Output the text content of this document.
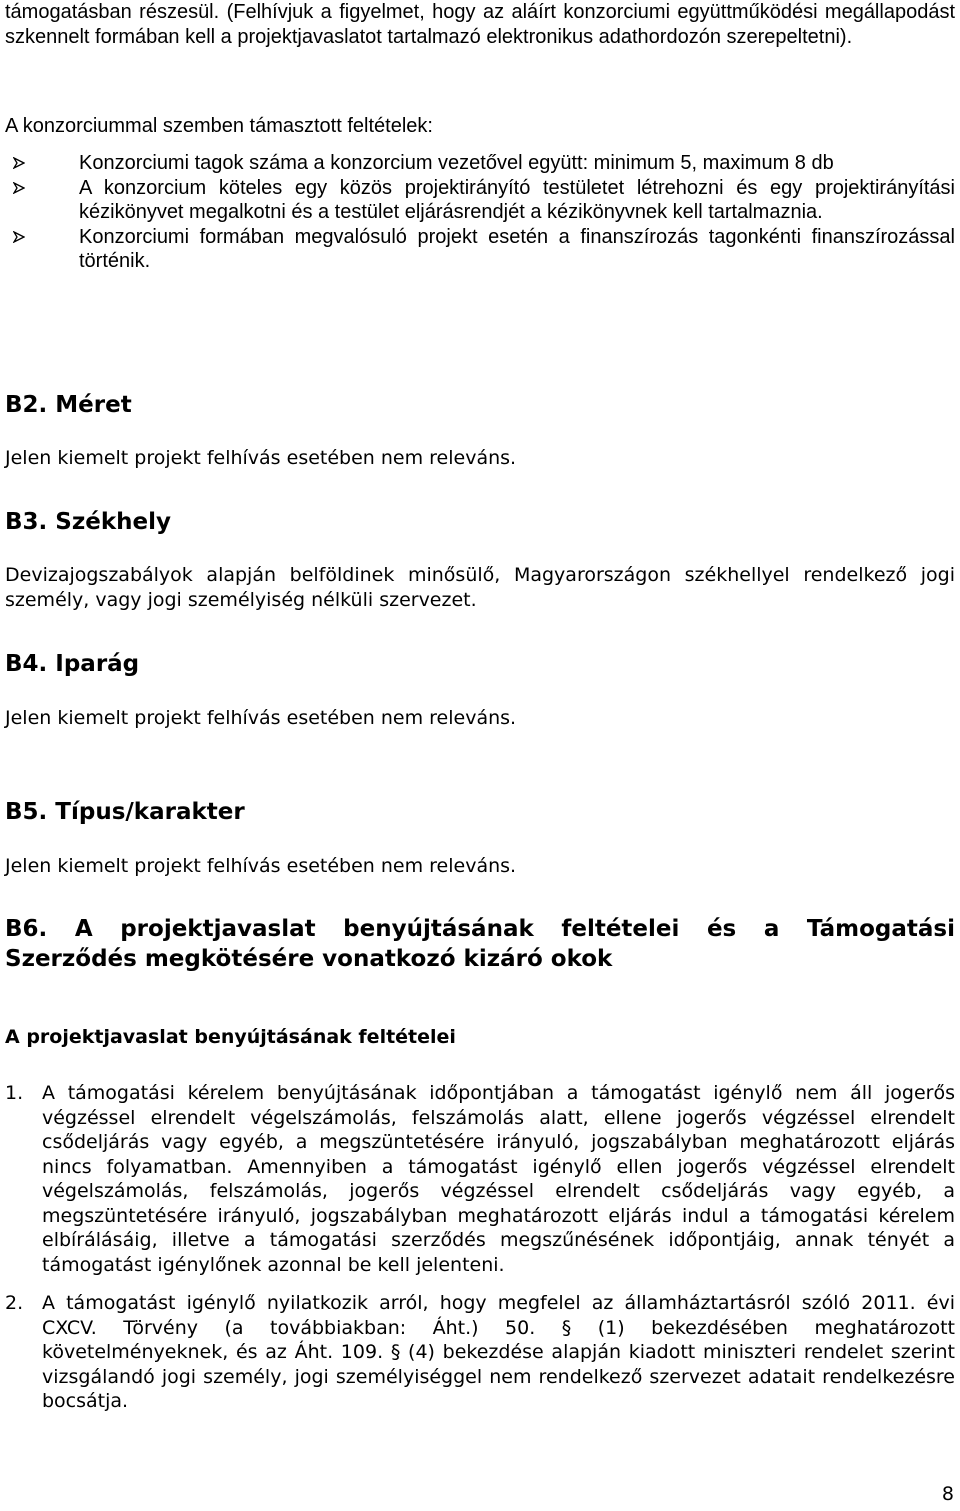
támogatásban részesül. (Felhívjuk a figyelmet, hogy az aláírt konzorciumi együttműködési megállapodást szkennelt formában kell a projektjavaslatot tartalmazó elektronikus adathordozón szerepeltetni).

A konzorciummal szemben támasztott feltételek:

Konzorciumi tagok száma a konzorcium vezetővel együtt: minimum 5, maximum 8 db
A konzorcium köteles egy közös projektirányító testületet létrehozni és egy projektirányítási kézikönyvet megalkotni és a testület eljárásrendjét a kézikönyvnek kell tartalmaznia.
Konzorciumi formában megvalósuló projekt esetén a finanszírozás tagonkénti finanszírozással történik.
B2. Méret

Jelen kiemelt projekt felhívás esetében nem releváns.

B3. Székhely

Devizajogszabályok alapján belföldinek minősülő, Magyarországon székhellyel rendelkező jogi személy, vagy jogi személyiség nélküli szervezet.

B4. Iparág

Jelen kiemelt projekt felhívás esetében nem releváns.

B5. Típus/karakter

Jelen kiemelt projekt felhívás esetében nem releváns.

B6. A projektjavaslat benyújtásának feltételei és a Támogatási Szerződés megkötésére vonatkozó kizáró okok
A projektjavaslat benyújtásának feltételei
1. A támogatási kérelem benyújtásának időpontjában a támogatást igénylő nem áll jogerős végzéssel elrendelt végelszámolás, felszámolás alatt, ellene jogerős végzéssel elrendelt csődeljárás vagy egyéb, a megszüntetésére irányuló, jogszabályban meghatározott eljárás nincs folyamatban. Amennyiben a támogatást igénylő ellen jogerős végzéssel elrendelt végelszámolás, felszámolás, jogerős végzéssel elrendelt csődeljárás vagy egyéb, a megszüntetésére irányuló, jogszabályban meghatározott eljárás indul a támogatási kérelem elbírálásáig, illetve a támogatási szerződés megszűnésének időpontjáig, annak tényét a támogatást igénylőnek azonnal be kell jelenteni.
2. A támogatást igénylő nyilatkozik arról, hogy megfelel az államháztartásról szóló 2011. évi CXCV. Törvény (a továbbiakban: Áht.) 50. § (1) bekezdésében meghatározott követelményeknek, és az Áht. 109. § (4) bekezdése alapján kiadott miniszteri rendelet szerint vizsgálandó jogi személy, jogi személyiséggel nem rendelkező szervezet adatait rendelkezésre bocsátja.
8
